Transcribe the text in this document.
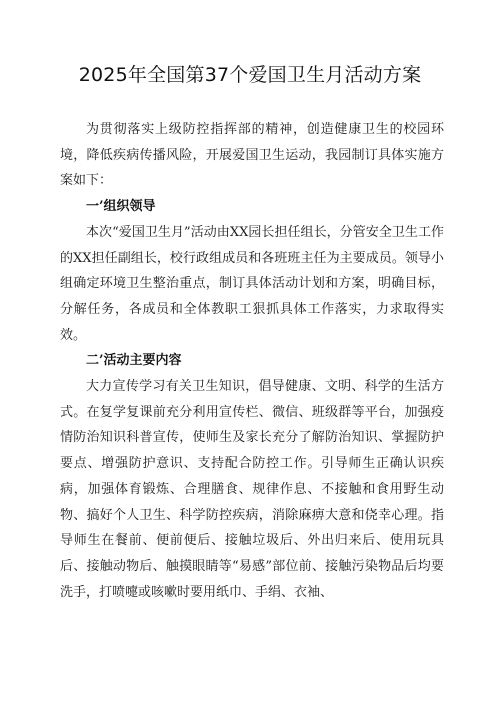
2025年全国第37个爱国卫生月活动方案

为贯彻落实上级防控指挥部的精神，创造健康卫生的校园环境，降低疾病传播风险，开展爱国卫生运动，我园制订具体实施方案如下：

一’组织领导

本次“爱国卫生月”活动由XX园长担任组长，分管安全卫生工作的XX担任副组长，校行政组成员和各班班主任为主要成员。领导小组确定环境卫生整治重点，制订具体活动计划和方案，明确目标，分解任务，各成员和全体教职工狠抓具体工作落实，力求取得实效。

二’活动主要内容

大力宣传学习有关卫生知识，倡导健康、文明、科学的生活方式。在复学复课前充分利用宣传栏、微信、班级群等平台，加强疫情防治知识科普宣传，使师生及家长充分了解防治知识、掌握防护要点、增强防护意识、支持配合防控工作。引导师生正确认识疾病，加强体育锻炼、合理膳食、规律作息、不接触和食用野生动物、搞好个人卫生、科学防控疾病，消除麻痹大意和侥幸心理。指导师生在餐前、便前便后、接触垃圾后、外出归来后、使用玩具后、接触动物后、触摸眼睛等“易感”部位前、接触污染物品后均要洗手，打喷嚏或咳嗽时要用纸巾、手绢、衣袖、
